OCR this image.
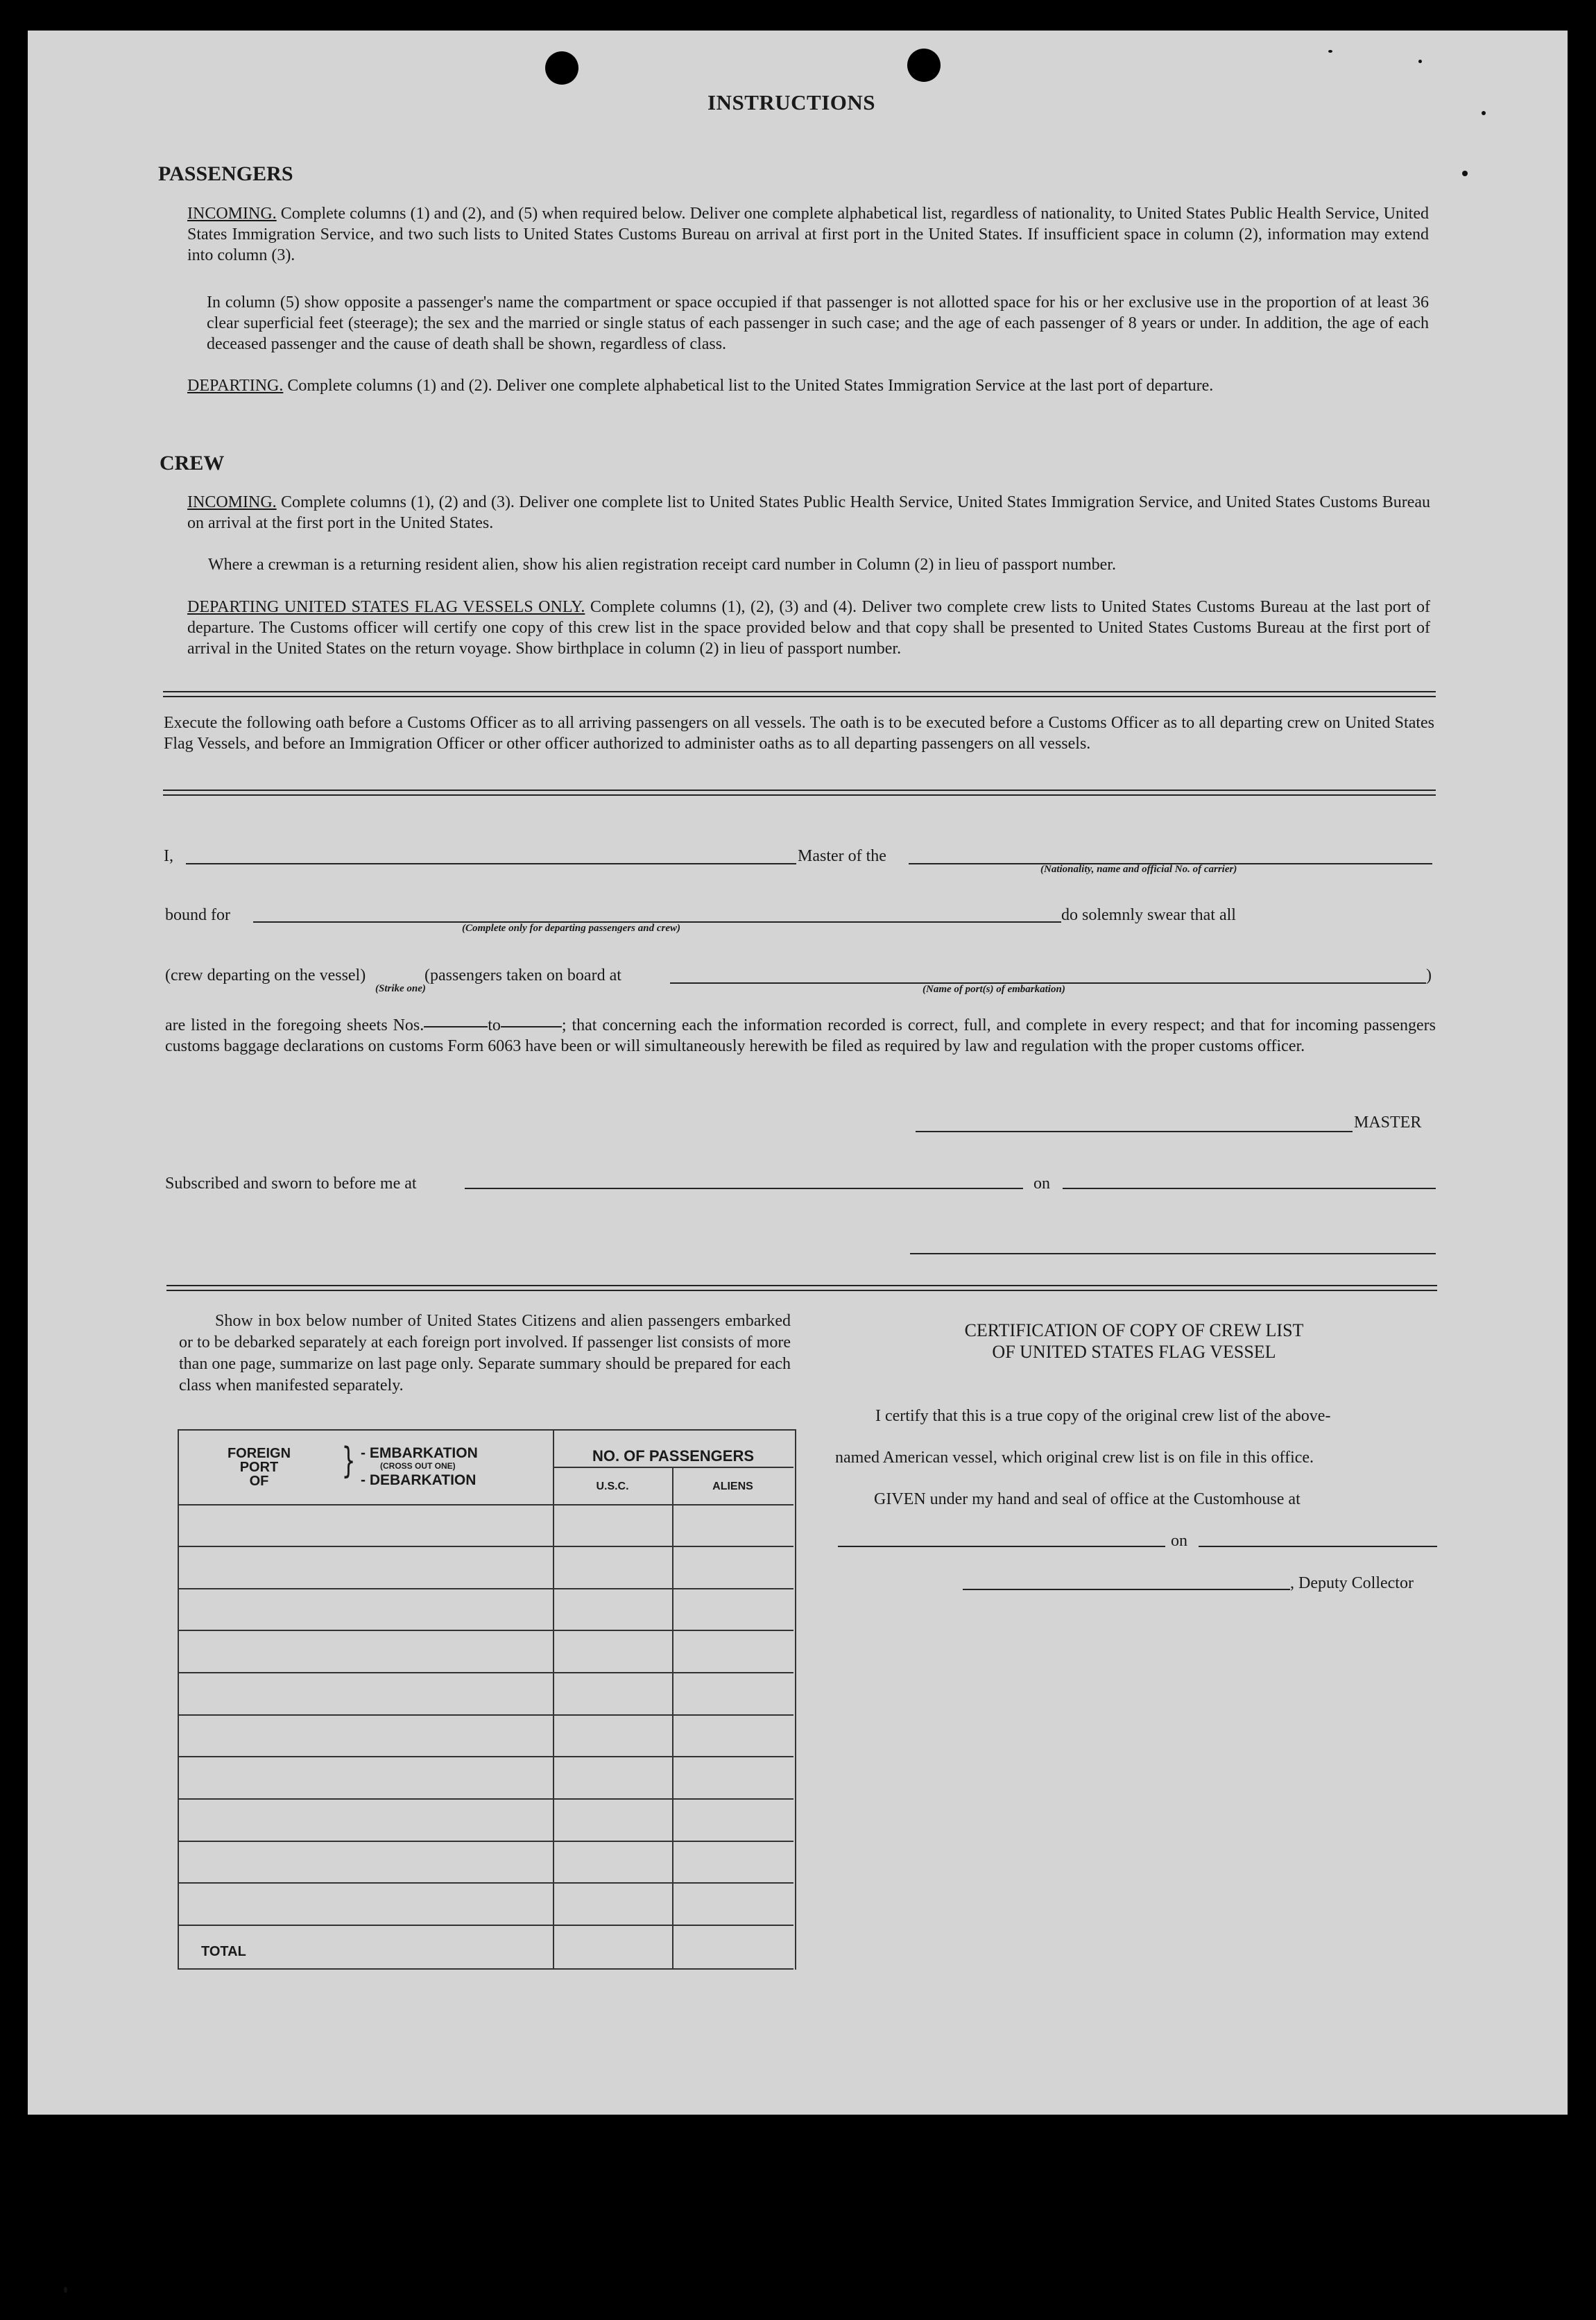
INSTRUCTIONS
PASSENGERS
INCOMING. Complete columns (1) and (2), and (5) when required below. Deliver one complete alphabetical list, regardless of nationality, to United States Public Health Service, United States Immigration Service, and two such lists to United States Customs Bureau on arrival at first port in the United States. If insufficient space in column (2), information may extend into column (3).
In column (5) show opposite a passenger's name the compartment or space occupied if that passenger is not allotted space for his or her exclusive use in the proportion of at least 36 clear superficial feet (steerage); the sex and the married or single status of each passenger in such case; and the age of each passenger of 8 years or under. In addition, the age of each deceased passenger and the cause of death shall be shown, regardless of class.
DEPARTING. Complete columns (1) and (2). Deliver one complete alphabetical list to the United States Immigration Service at the last port of departure.
CREW
INCOMING. Complete columns (1), (2) and (3). Deliver one complete list to United States Public Health Service, United States Immigration Service, and United States Customs Bureau on arrival at the first port in the United States.
Where a crewman is a returning resident alien, show his alien registration receipt card number in Column (2) in lieu of passport number.
DEPARTING UNITED STATES FLAG VESSELS ONLY. Complete columns (1), (2), (3) and (4). Deliver two complete crew lists to United States Customs Bureau at the last port of departure. The Customs officer will certify one copy of this crew list in the space provided below and that copy shall be presented to United States Customs Bureau at the first port of arrival in the United States on the return voyage. Show birthplace in column (2) in lieu of passport number.
Execute the following oath before a Customs Officer as to all arriving passengers on all vessels. The oath is to be executed before a Customs Officer as to all departing crew on United States Flag Vessels, and before an Immigration Officer or other officer authorized to administer oaths as to all departing passengers on all vessels.
I,	Master of the
(Nationality, name and official No. of carrier)
bound for
(Complete only for departing passengers and crew)
do solemnly swear that all
(crew departing on the vessel)
(Strike one)
(passengers taken on board at	)
(Name of port(s) of embarkation)
are listed in the foregoing sheets Nos.	to	; that concerning each the information recorded is correct, full, and complete in every respect; and that for incoming passengers customs baggage declarations on customs Form 6063 have been or will simultaneously herewith be filed as required by law and regulation with the proper customs officer.
MASTER
Subscribed and sworn to before me at	on
Show in box below number of United States Citizens and alien passengers embarked or to be debarked separately at each foreign port involved. If passenger list consists of more than one page, summarize on last page only. Separate summary should be prepared for each class when manifested separately.
FOREIGN
PORT
OF	} - EMBARKATION
(CROSS OUT ONE)
- DEBARKATION
NO. OF PASSENGERS
U.S.C.	ALIENS
TOTAL
CERTIFICATION OF COPY OF CREW LIST
OF UNITED STATES FLAG VESSEL
I certify that this is a true copy of the original crew list of the above-
named American vessel, which original crew list is on file in this office.
GIVEN under my hand and seal of office at the Customhouse at
on
, Deputy Collector
